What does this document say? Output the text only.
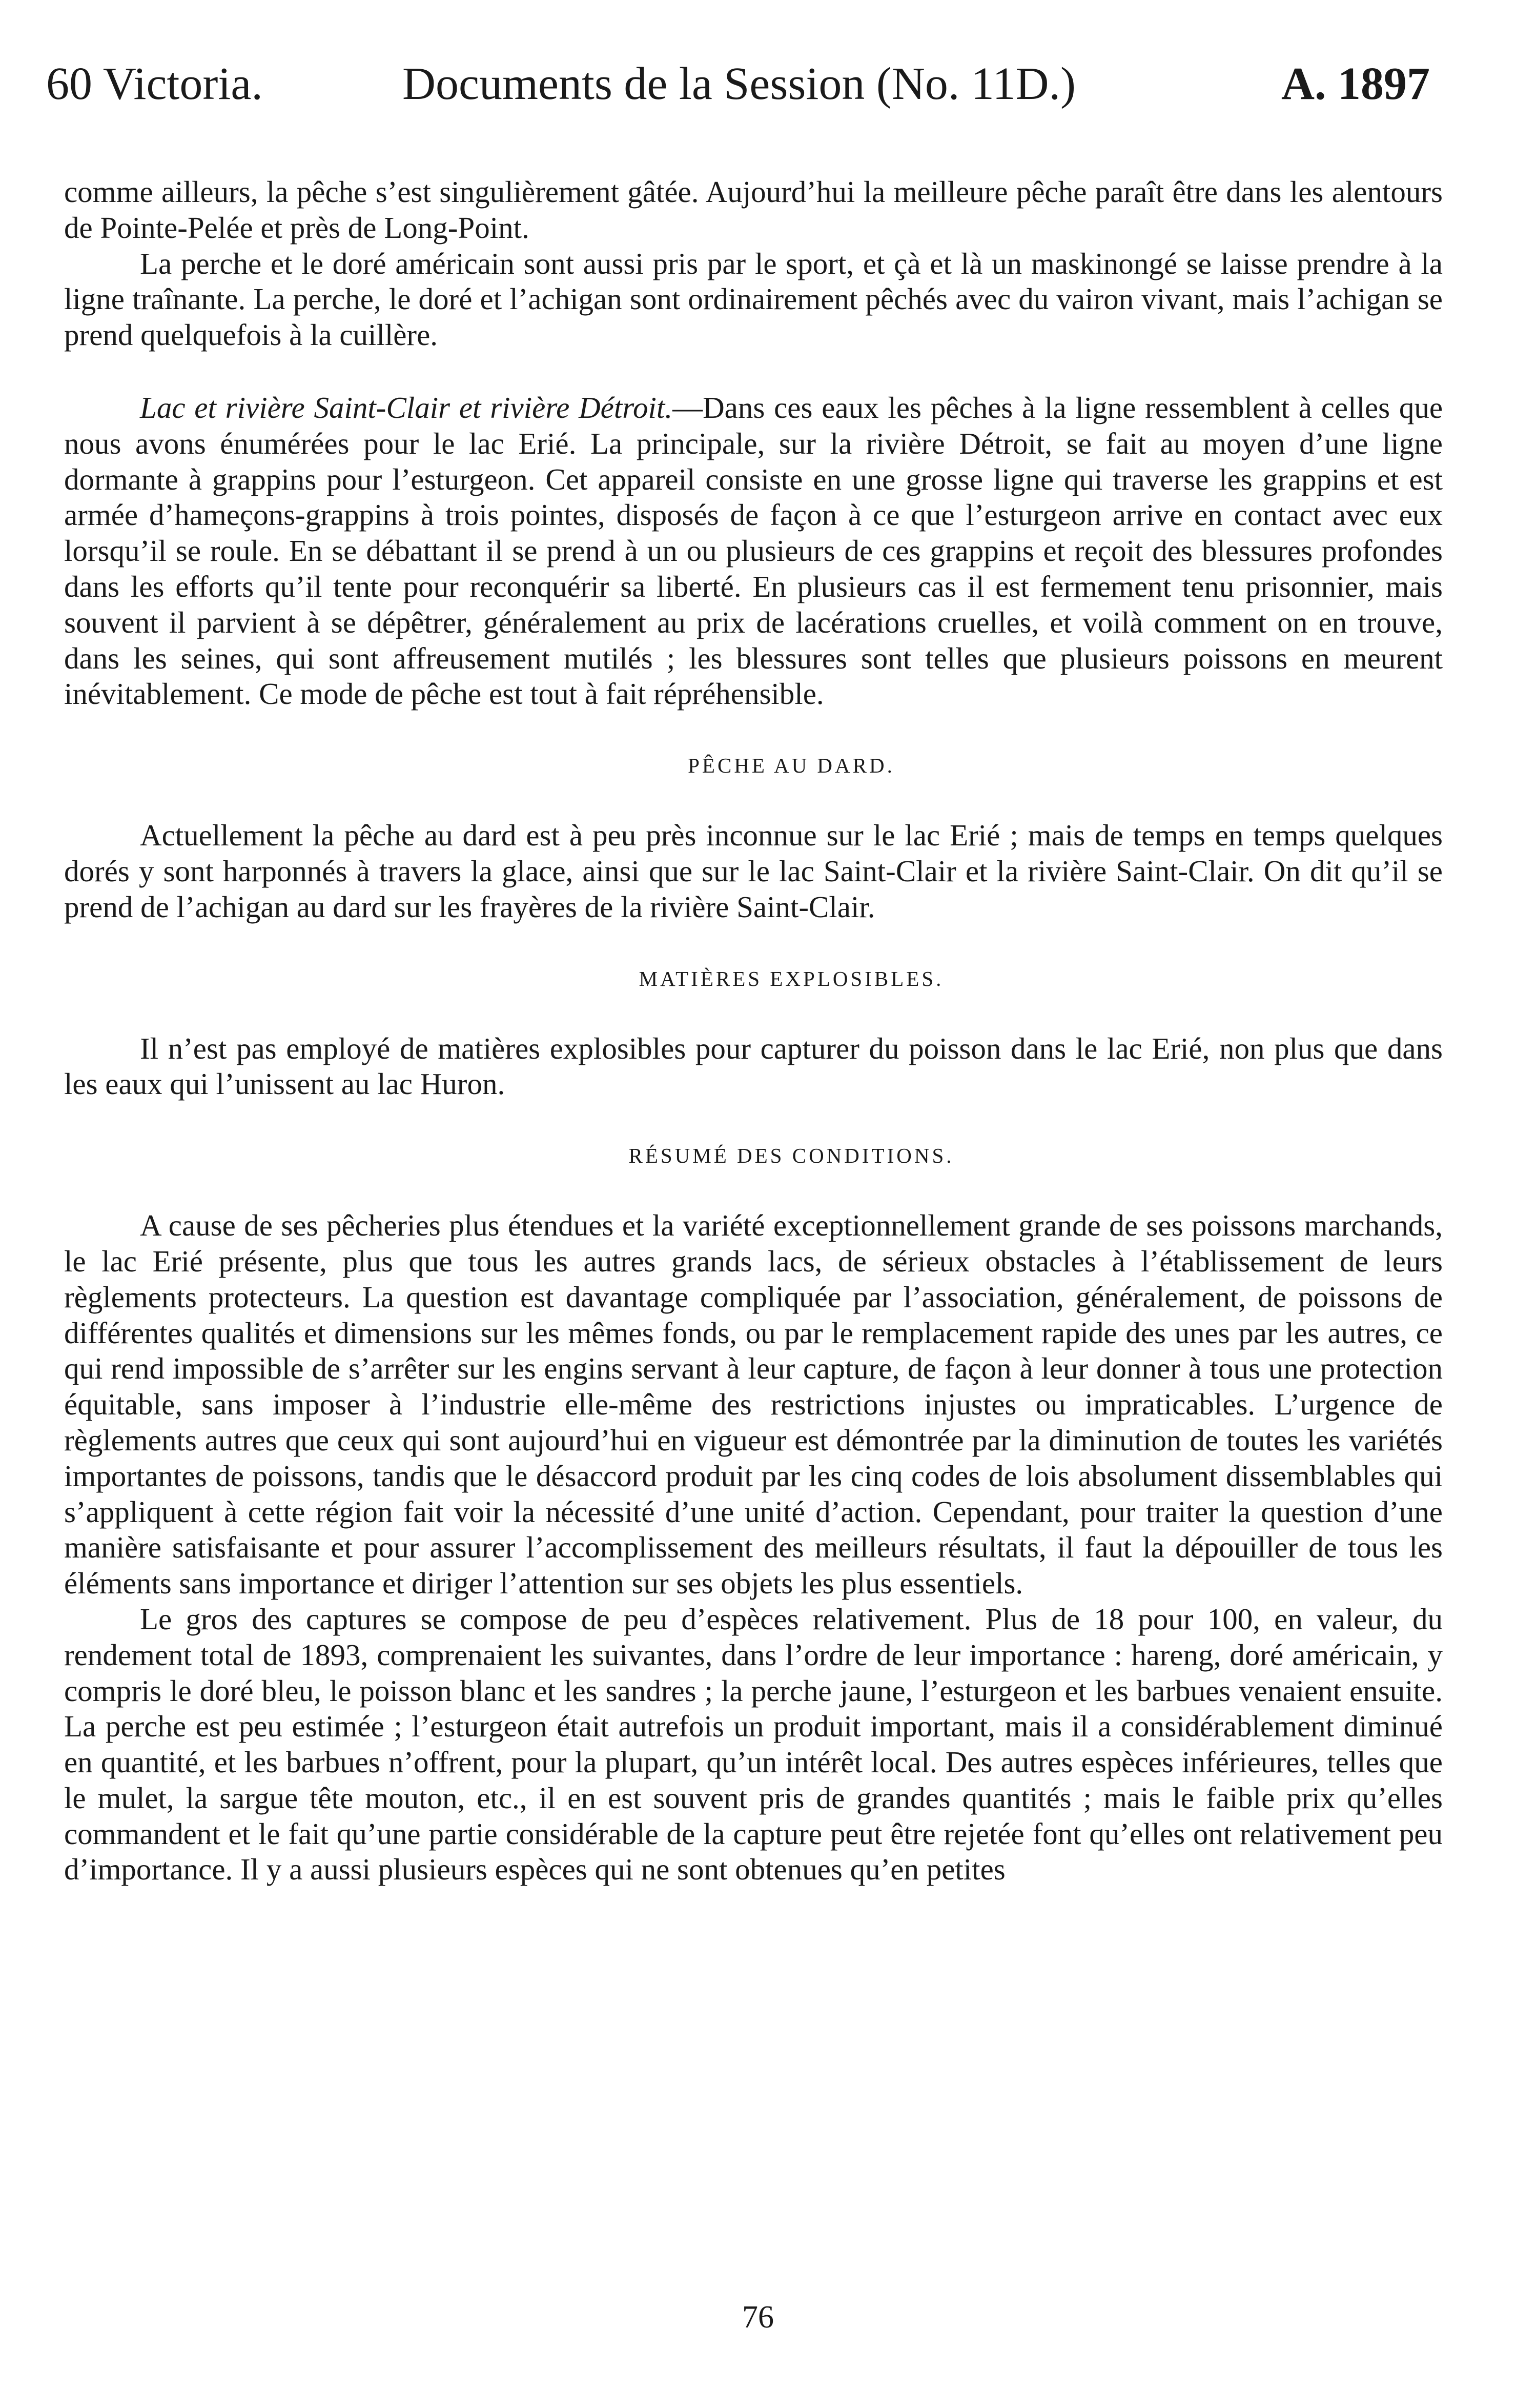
60 Victoria.	Documents de la Session (No. 11D.)	A. 1897

comme ailleurs, la pêche s’est singulièrement gâtée. Aujourd’hui la meilleure pêche paraît être dans les alentours de Pointe-Pelée et près de Long-Point.

La perche et le doré américain sont aussi pris par le sport, et çà et là un maskinongé se laisse prendre à la ligne traînante. La perche, le doré et l’achigan sont ordinairement pêchés avec du vairon vivant, mais l’achigan se prend quelquefois à la cuillère.

Lac et rivière Saint-Clair et rivière Détroit.—Dans ces eaux les pêches à la ligne ressemblent à celles que nous avons énumérées pour le lac Erié. La principale, sur la rivière Détroit, se fait au moyen d’une ligne dormante à grappins pour l’esturgeon. Cet appareil consiste en une grosse ligne qui traverse les grappins et est armée d’hameçons-grappins à trois pointes, disposés de façon à ce que l’esturgeon arrive en contact avec eux lorsqu’il se roule. En se débattant il se prend à un ou plusieurs de ces grappins et reçoit des blessures profondes dans les efforts qu’il tente pour reconquérir sa liberté. En plusieurs cas il est fermement tenu prisonnier, mais souvent il parvient à se dépêtrer, généralement au prix de lacérations cruelles, et voilà comment on en trouve, dans les seines, qui sont affreusement mutilés ; les blessures sont telles que plusieurs poissons en meurent inévitablement. Ce mode de pêche est tout à fait répréhensible.

PÊCHE AU DARD.

Actuellement la pêche au dard est à peu près inconnue sur le lac Erié ; mais de temps en temps quelques dorés y sont harponnés à travers la glace, ainsi que sur le lac Saint-Clair et la rivière Saint-Clair. On dit qu’il se prend de l’achigan au dard sur les frayères de la rivière Saint-Clair.

MATIÈRES EXPLOSIBLES.

Il n’est pas employé de matières explosibles pour capturer du poisson dans le lac Erié, non plus que dans les eaux qui l’unissent au lac Huron.

RÉSUMÉ DES CONDITIONS.

A cause de ses pêcheries plus étendues et la variété exceptionnellement grande de ses poissons marchands, le lac Erié présente, plus que tous les autres grands lacs, de sérieux obstacles à l’établissement de leurs règlements protecteurs. La question est davantage compliquée par l’association, généralement, de poissons de différentes qualités et dimensions sur les mêmes fonds, ou par le remplacement rapide des unes par les autres, ce qui rend impossible de s’arrêter sur les engins servant à leur capture, de façon à leur donner à tous une protection équitable, sans imposer à l’industrie elle-même des restrictions injustes ou impraticables. L’urgence de règlements autres que ceux qui sont aujourd’hui en vigueur est démontrée par la diminution de toutes les variétés importantes de poissons, tandis que le désaccord produit par les cinq codes de lois absolument dissemblables qui s’appliquent à cette région fait voir la nécessité d’une unité d’action. Cependant, pour traiter la question d’une manière satisfaisante et pour assurer l’accomplissement des meilleurs résultats, il faut la dépouiller de tous les éléments sans importance et diriger l’attention sur ses objets les plus essentiels.

Le gros des captures se compose de peu d’espèces relativement. Plus de 18 pour 100, en valeur, du rendement total de 1893, comprenaient les suivantes, dans l’ordre de leur importance : hareng, doré américain, y compris le doré bleu, le poisson blanc et les sandres ; la perche jaune, l’esturgeon et les barbues venaient ensuite. La perche est peu estimée ; l’esturgeon était autrefois un produit important, mais il a considérablement diminué en quantité, et les barbues n’offrent, pour la plupart, qu’un intérêt local. Des autres espèces inférieures, telles que le mulet, la sargue tête mouton, etc., il en est souvent pris de grandes quantités ; mais le faible prix qu’elles commandent et le fait qu’une partie considérable de la capture peut être rejetée font qu’elles ont relativement peu d’importance. Il y a aussi plusieurs espèces qui ne sont obtenues qu’en petites

76
